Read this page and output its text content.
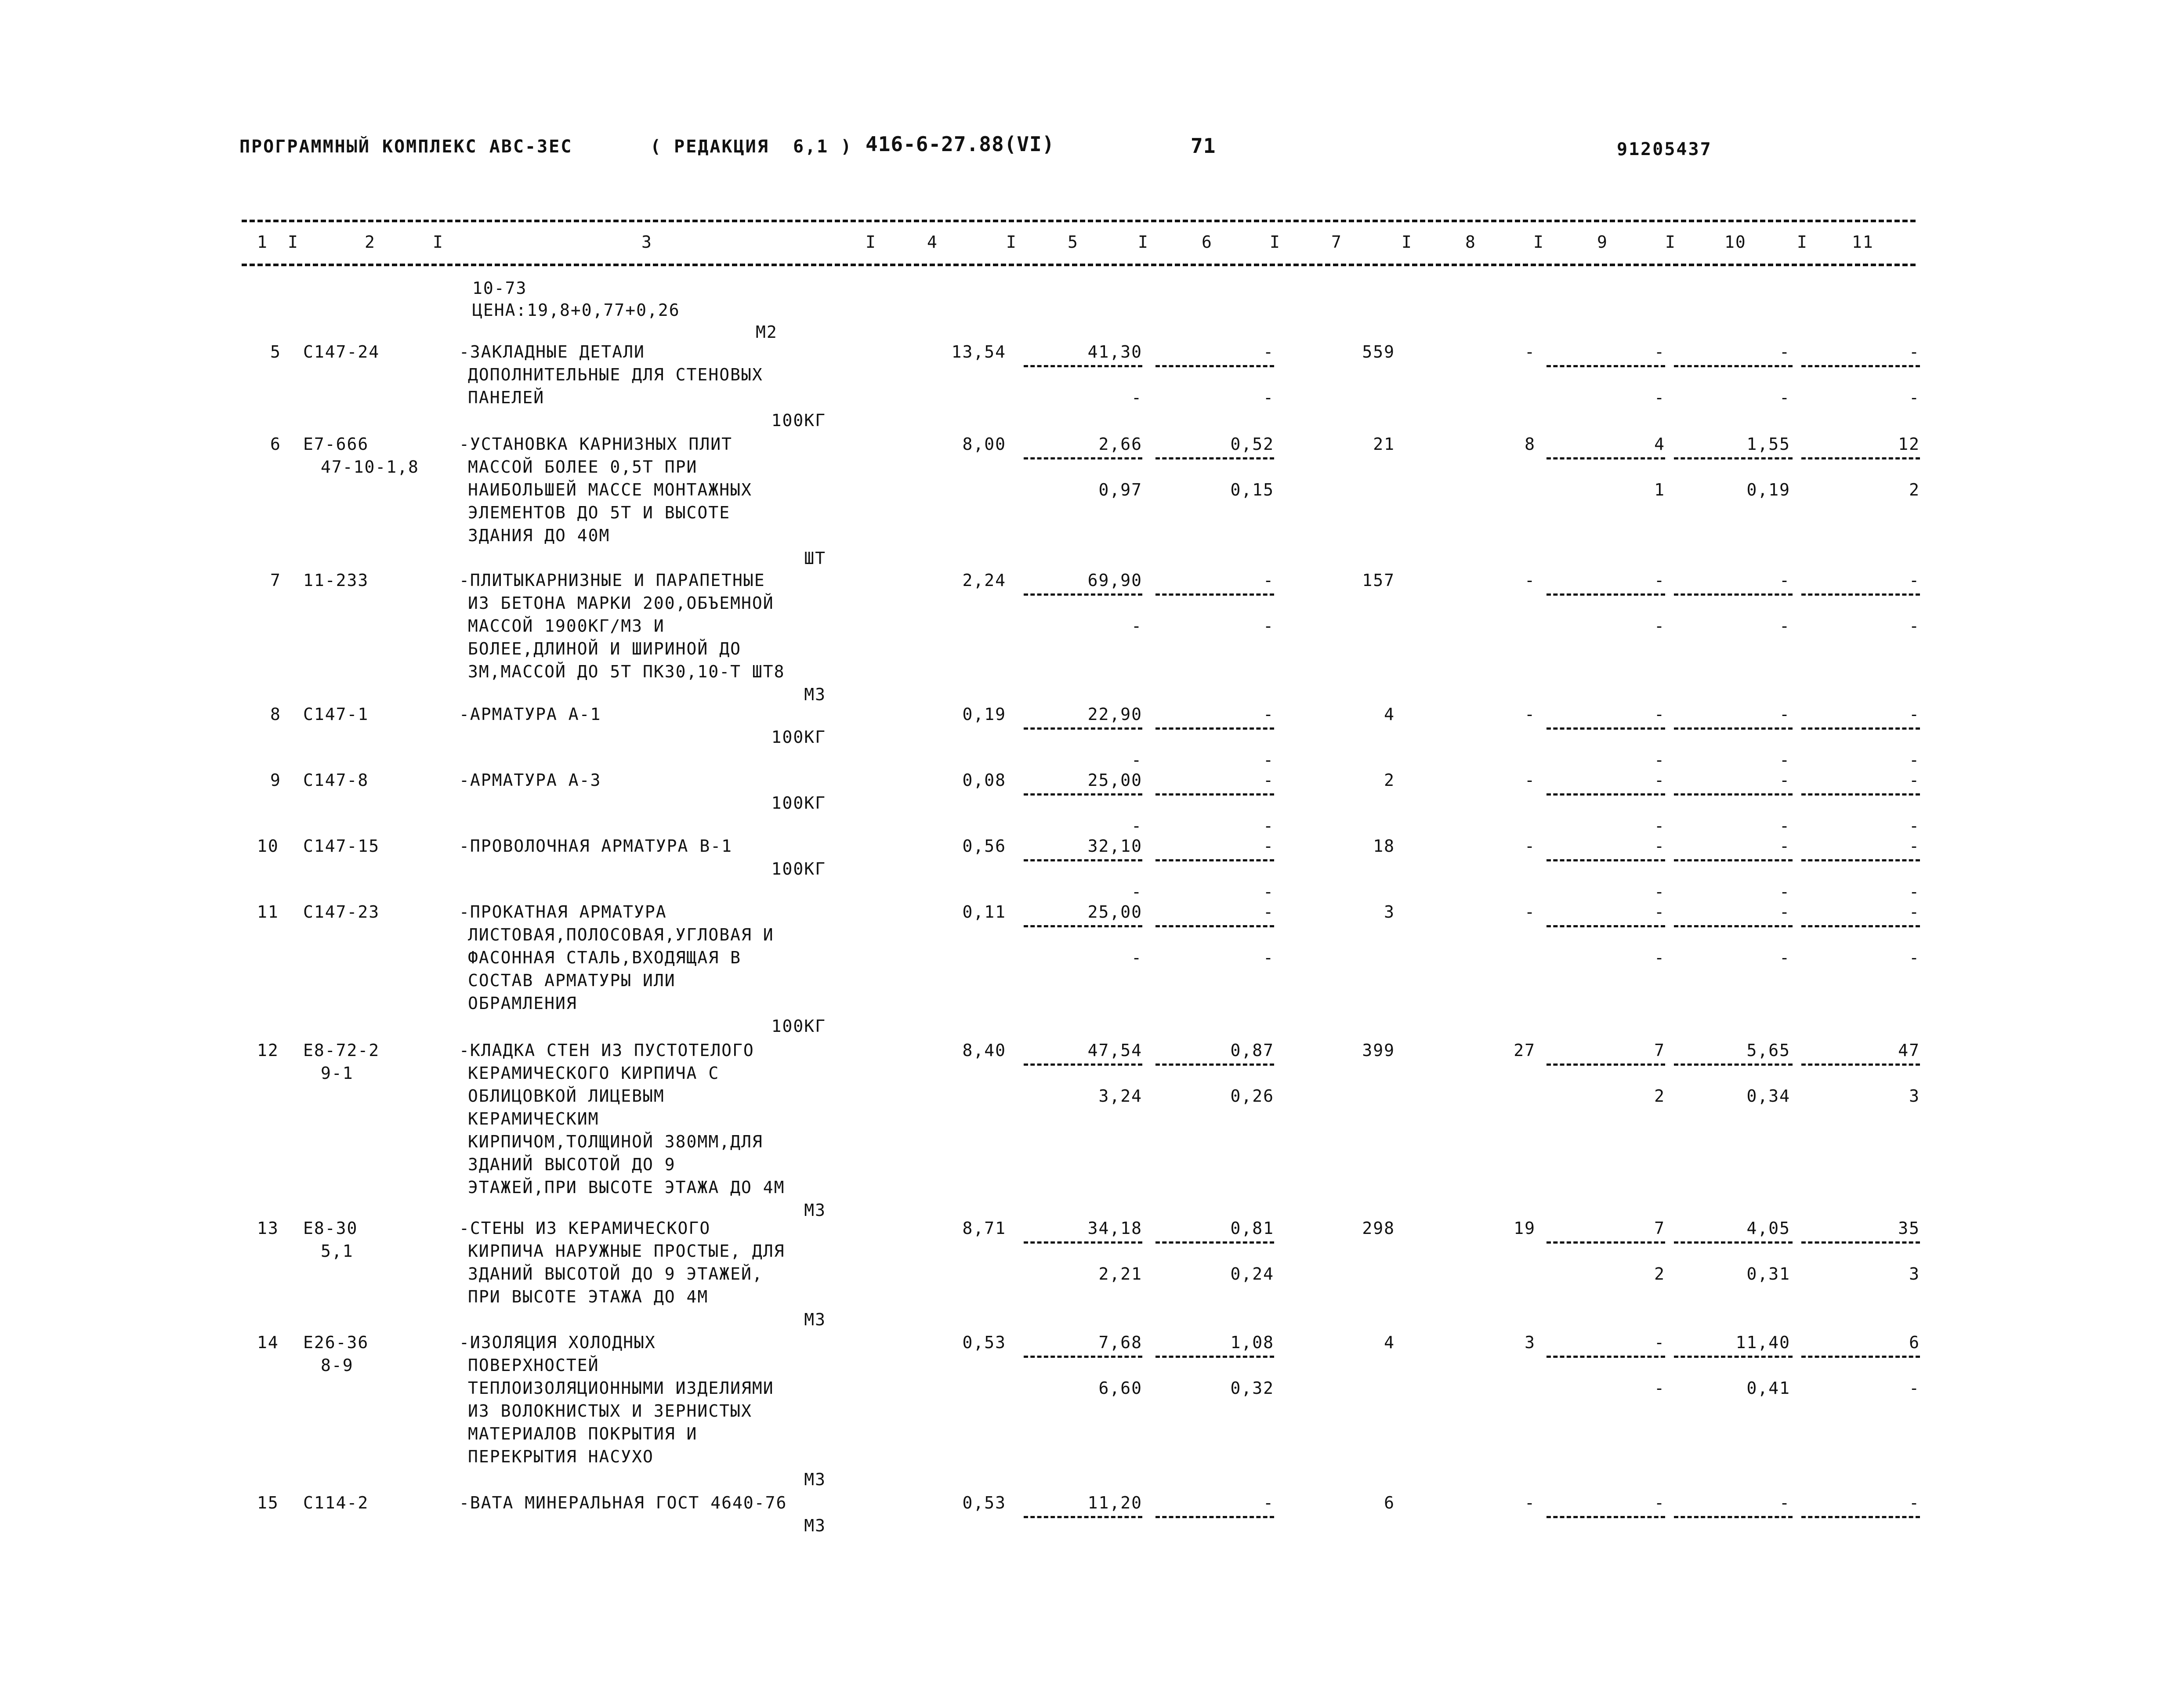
ПРОГРАММНЫЙ КОМПЛЕКС АВС-3ЕС	( РЕДАКЦИЯ  6,1 ) 416-6-27.88(VI)	71	91205437
1	2	3	4	5	6	7	8	9	10	11
I	I	I	I	I	I	I	I	I	I
10-73
ЦЕНА:19,8+0,77+0,26
М2
5 С147-24	-ЗАКЛАДНЫЕ ДЕТАЛИ
ДОПОЛНИТЕЛЬНЫЕ ДЛЯ СТЕНОВЫХ
ПАНЕЛЕЙ
100КГ
13,54	41,30	-	559	-	-	-	-
-	-	-	-	-
6 Е7-666
47-10-1,8
-УСТАНОВКА КАРНИЗНЫХ ПЛИТ
МАССОЙ БОЛЕЕ 0,5Т ПРИ
НАИБОЛЬШЕЙ МАССЕ МОНТАЖНЫХ
ЭЛЕМЕНТОВ ДО 5Т И ВЫСОТЕ
ЗДАНИЯ ДО 40М
ШТ
8,00	2,66	0,52	21	8	4	1,55	12
0,97	0,15	1	0,19	2
7 11-233	-ПЛИТЫКАРНИЗНЫЕ И ПАРАПЕТНЫЕ
ИЗ БЕТОНА МАРКИ 200,ОБЪЕМНОЙ
МАССОЙ 1900КГ/М3 И
БОЛЕЕ,ДЛИНОЙ И ШИРИНОЙ ДО
3М,МАССОЙ ДО 5Т ПК30,10-Т ШТ8
М3
2,24	69,90	-	157	-	-	-	-
-	-	-	-	-
8 С147-1	-АРМАТУРА А-1
100КГ
0,19	22,90	-	4	-	-	-	-
-	-	-	-	-
9 С147-8	-АРМАТУРА А-3
100КГ
0,08	25,00	-	2	-	-	-	-
-	-	-	-	-
10 С147-15	-ПРОВОЛОЧНАЯ АРМАТУРА В-1
100КГ
0,56	32,10	-	18	-	-	-	-
-	-	-	-	-
11 С147-23	-ПРОКАТНАЯ АРМАТУРА
ЛИСТОВАЯ,ПОЛОСОВАЯ,УГЛОВАЯ И
ФАСОННАЯ СТАЛЬ,ВХОДЯЩАЯ В
СОСТАВ АРМАТУРЫ ИЛИ
ОБРАМЛЕНИЯ
100КГ
0,11	25,00	-	3	-	-	-	-
-	-	-	-	-
12 Е8-72-2
9-1
-КЛАДКА СТЕН ИЗ ПУСТОТЕЛОГО
КЕРАМИЧЕСКОГО КИРПИЧА С
ОБЛИЦОВКОЙ ЛИЦЕВЫМ
КЕРАМИЧЕСКИМ
КИРПИЧОМ,ТОЛЩИНОЙ 380ММ,ДЛЯ
ЗДАНИЙ ВЫСОТОЙ ДО 9
ЭТАЖЕЙ,ПРИ ВЫСОТЕ ЭТАЖА ДО 4М
М3
8,40	47,54	0,87	399	27	7	5,65	47
3,24	0,26	2	0,34	3
13 Е8-30
5,1
-СТЕНЫ ИЗ КЕРАМИЧЕСКОГО
КИРПИЧА НАРУЖНЫЕ ПРОСТЫЕ, ДЛЯ
ЗДАНИЙ ВЫСОТОЙ ДО 9 ЭТАЖЕЙ,
ПРИ ВЫСОТЕ ЭТАЖА ДО 4М
М3
8,71	34,18	0,81	298	19	7	4,05	35
2,21	0,24	2	0,31	3
14 Е26-36
8-9
-ИЗОЛЯЦИЯ ХОЛОДНЫХ
ПОВЕРХНОСТЕЙ
ТЕПЛОИЗОЛЯЦИОННЫМИ ИЗДЕЛИЯМИ
ИЗ ВОЛОКНИСТЫХ И ЗЕРНИСТЫХ
МАТЕРИАЛОВ ПОКРЫТИЯ И
ПЕРЕКРЫТИЯ НАСУХО
М3
0,53	7,68	1,08	4	3	-	11,40	6
6,60	0,32	-	0,41	-
15 С114-2	-ВАТА МИНЕРАЛЬНАЯ ГОСТ 4640-76
М3
0,53	11,20	-	6	-	-	-	-
